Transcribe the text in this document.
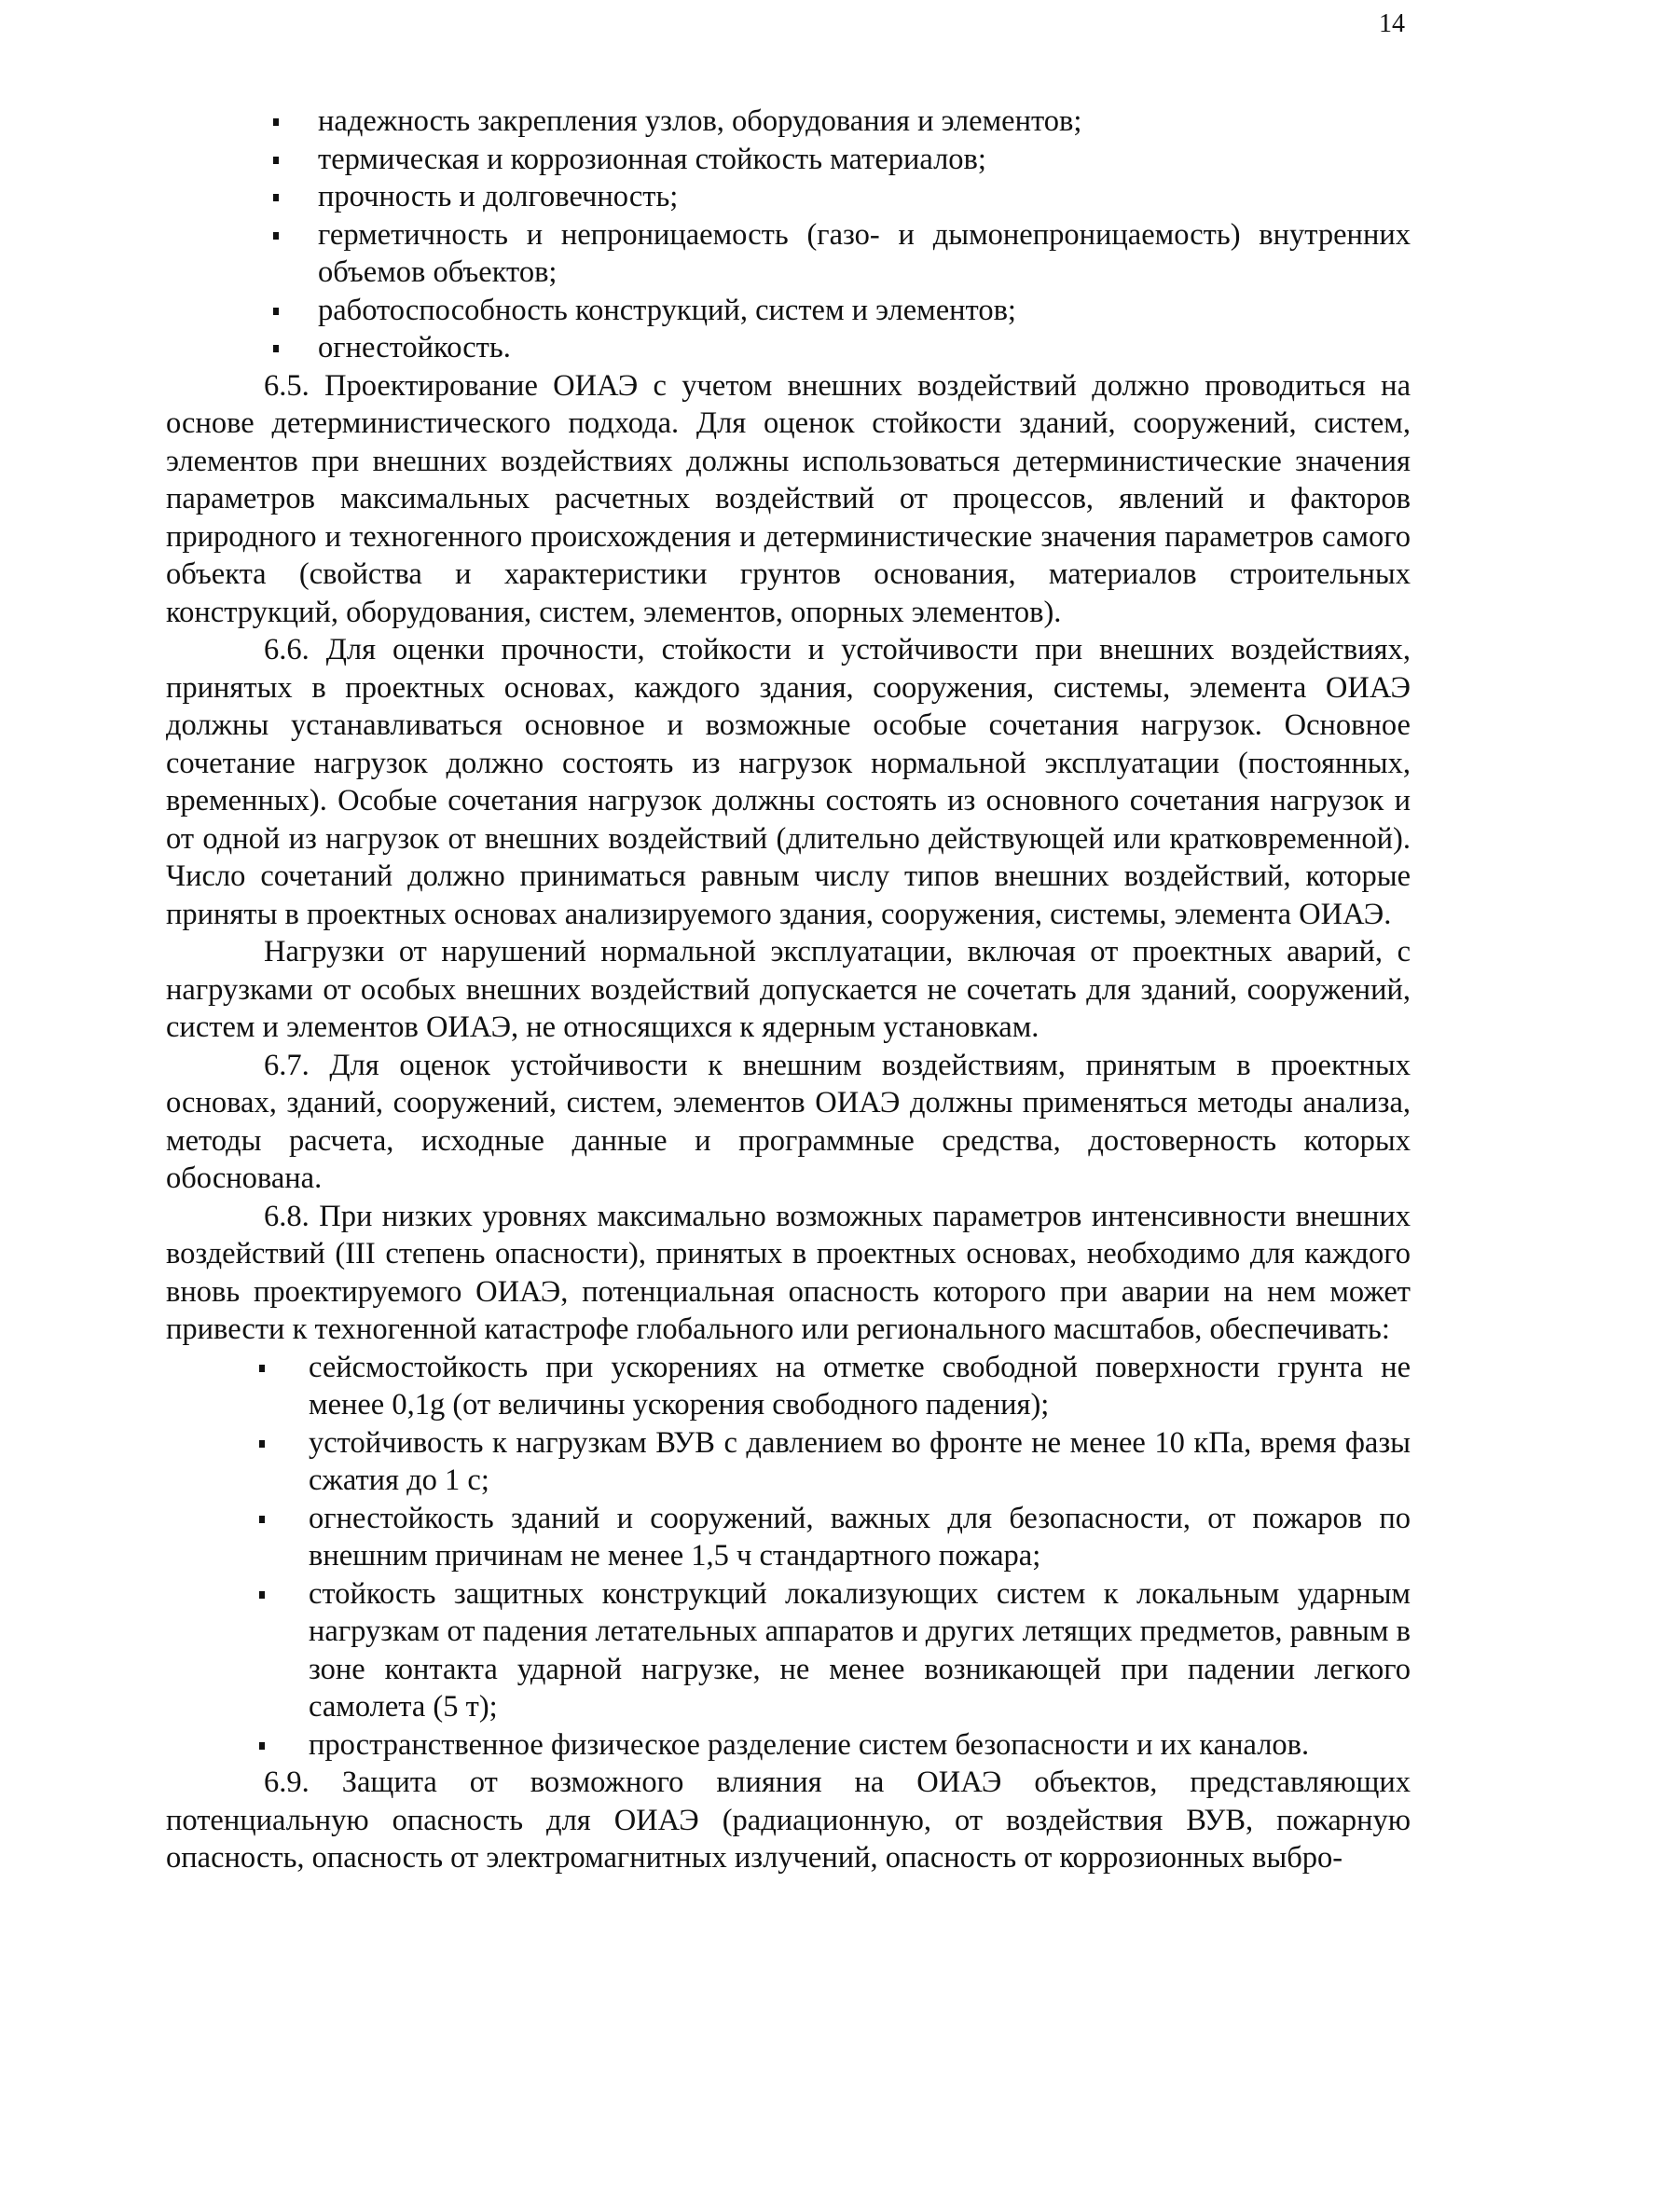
14
надежность закрепления узлов, оборудования и элементов;
термическая и коррозионная стойкость материалов;
прочность и долговечность;
герметичность и непроницаемость (газо- и дымонепроницаемость) внутренних объемов объектов;
работоспособность конструкций, систем и элементов;
огнестойкость.

6.5. Проектирование ОИАЭ с учетом внешних воздействий должно проводиться на основе детерминистического подхода. Для оценок стойкости зданий, сооружений, систем, элементов при внешних воздействиях должны использоваться детерминистические значения параметров максимальных расчетных воздействий от процессов, явлений и факторов природного и техногенного происхождения и детерминистические значения параметров самого объекта (свойства и характеристики грунтов основания, материалов строительных конструкций, оборудования, систем, элементов, опорных элементов).

6.6. Для оценки прочности, стойкости и устойчивости при внешних воздействиях, принятых в проектных основах, каждого здания, сооружения, системы, элемента ОИАЭ должны устанавливаться основное и возможные особые сочетания нагрузок. Основное сочетание нагрузок должно состоять из нагрузок нормальной эксплуатации (постоянных, временных). Особые сочетания нагрузок должны состоять из основного сочетания нагрузок и от одной из нагрузок от внешних воздействий (длительно действующей или кратковременной). Число сочетаний должно приниматься равным числу типов внешних воздействий, которые приняты в проектных основах анализируемого здания, сооружения, системы, элемента ОИАЭ.

Нагрузки от нарушений нормальной эксплуатации, включая от проектных аварий, с нагрузками от особых внешних воздействий допускается не сочетать для зданий, сооружений, систем и элементов ОИАЭ, не относящихся к ядерным установкам.

6.7. Для оценок устойчивости к внешним воздействиям, принятым в проектных основах, зданий, сооружений, систем, элементов ОИАЭ должны применяться методы анализа, методы расчета, исходные данные и программные средства, достоверность которых обоснована.

6.8. При низких уровнях максимально возможных параметров интенсивности внешних воздействий (III степень опасности), принятых в проектных основах, необходимо для каждого вновь проектируемого ОИАЭ, потенциальная опасность которого при аварии на нем может привести к техногенной катастрофе глобального или регионального масштабов, обеспечивать:

сейсмостойкость при ускорениях на отметке свободной поверхности грунта не менее 0,1g (от величины ускорения свободного падения);
устойчивость к нагрузкам ВУВ с давлением во фронте не менее 10 кПа, время фазы сжатия до 1 с;
огнестойкость зданий и сооружений, важных для безопасности, от пожаров по внешним причинам не менее 1,5 ч стандартного пожара;
стойкость защитных конструкций локализующих систем к локальным ударным нагрузкам от падения летательных аппаратов и других летящих предметов, равным в зоне контакта ударной нагрузке, не менее возникающей при падении легкого самолета (5 т);
пространственное физическое разделение систем безопасности и их каналов.

6.9. Защита от возможного влияния на ОИАЭ объектов, представляющих потенциальную опасность для ОИАЭ (радиационную, от воздействия ВУВ, пожарную опасность, опасность от электромагнитных излучений, опасность от коррозионных выбро-
